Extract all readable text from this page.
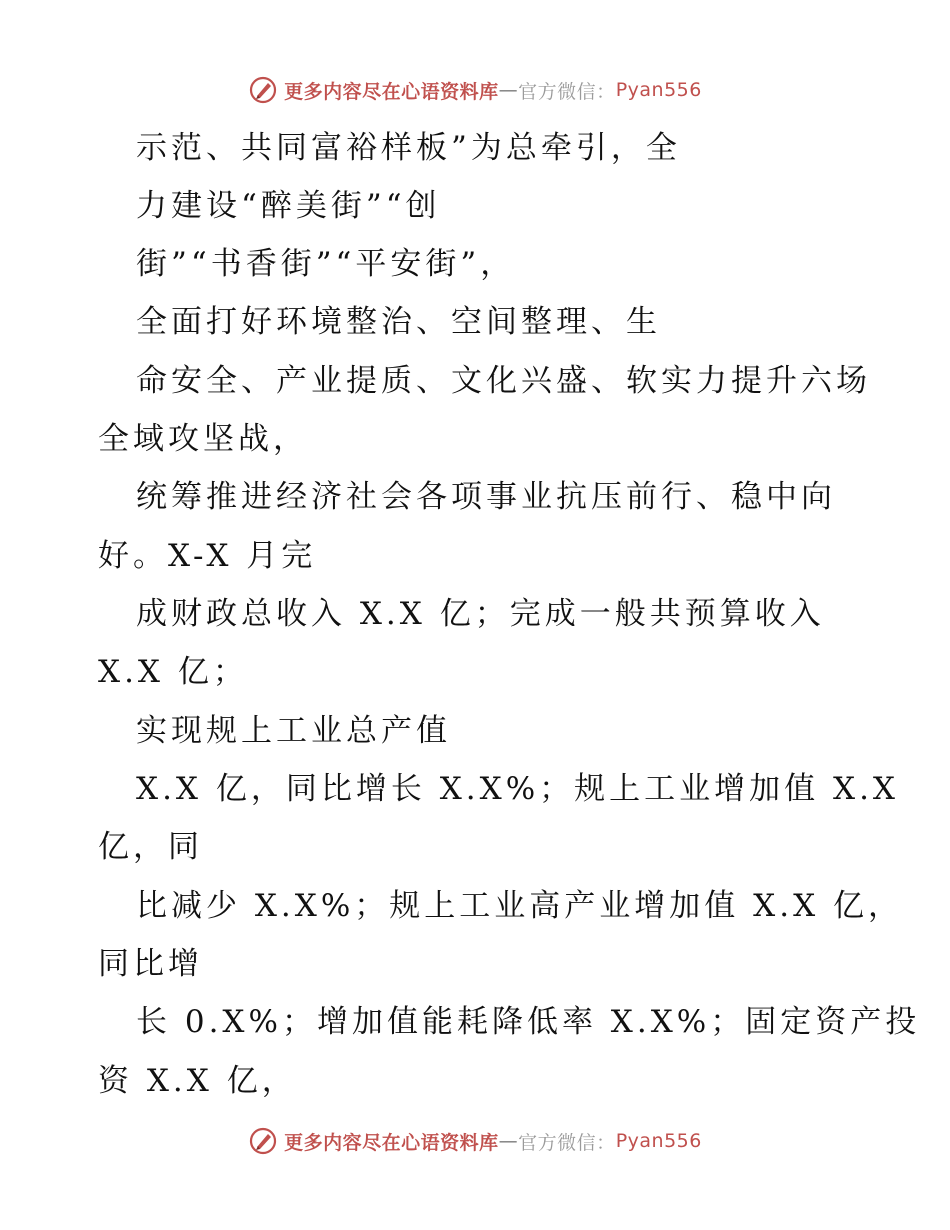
更多内容尽在心语资料库 — 官方微信： Pyan556
示范、共同富裕样板”为总牵引，全
力建设“醉美街”“创
街”“书香街”“平安街”，
全面打好环境整治、空间整理、生
命安全、产业提质、文化兴盛、软实力提升六场
全域攻坚战，
统筹推进经济社会各项事业抗压前行、稳中向
好。X-X 月完
成财政总收入 X.X 亿；完成一般共预算收入
X.X 亿；
实现规上工业总产值
X.X 亿，同比增长 X.X%；规上工业增加值 X.X
亿，同
比减少 X.X%；规上工业高产业增加值 X.X 亿，
同比增
长 0.X%；增加值能耗降低率 X.X%；固定资产投
资 X.X 亿，
更多内容尽在心语资料库 — 官方微信： Pyan556
